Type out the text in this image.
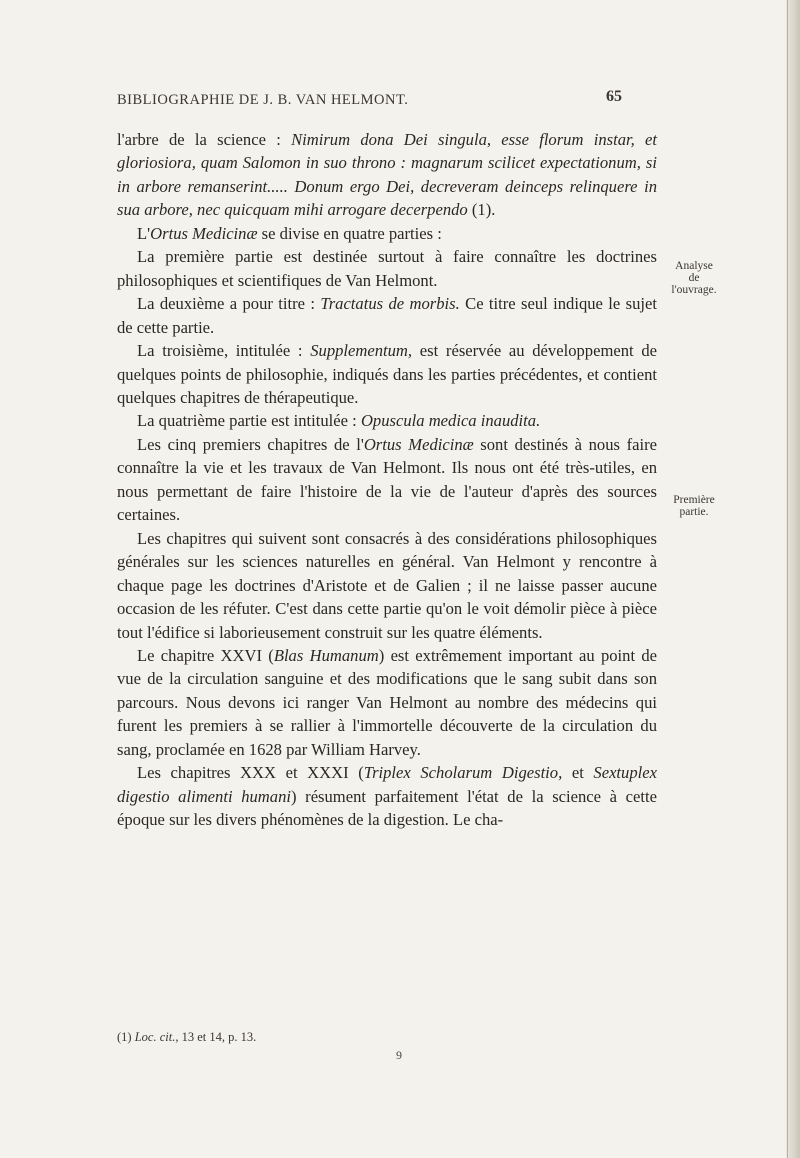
BIBLIOGRAPHIE DE J. B. VAN HELMONT.	65

l'arbre de la science : Nimirum dona Dei singula, esse florum instar, et gloriosiora, quam Salomon in suo throno : magnarum scilicet expectationum, si in arbore remanserint..... Donum ergo Dei, decreveram deinceps relinquere in sua arbore, nec quicquam mihi arrogare decerpendo (1).

L'Ortus Medicinæ se divise en quatre parties :

La première partie est destinée surtout à faire connaître les doctrines philosophiques et scientifiques de Van Helmont.

La deuxième a pour titre : Tractatus de morbis. Ce titre seul indique le sujet de cette partie.

La troisième, intitulée : Supplementum, est réservée au développement de quelques points de philosophie, indiqués dans les parties précédentes, et contient quelques chapitres de thérapeutique.

La quatrième partie est intitulée : Opuscula medica inaudita.

Les cinq premiers chapitres de l'Ortus Medicinæ sont destinés à nous faire connaître la vie et les travaux de Van Helmont. Ils nous ont été très-utiles, en nous permettant de faire l'histoire de la vie de l'auteur d'après des sources certaines.

Les chapitres qui suivent sont consacrés à des considérations philosophiques générales sur les sciences naturelles en général. Van Helmont y rencontre à chaque page les doctrines d'Aristote et de Galien ; il ne laisse passer aucune occasion de les réfuter. C'est dans cette partie qu'on le voit démolir pièce à pièce tout l'édifice si laborieusement construit sur les quatre éléments.

Le chapitre XXVI (Blas Humanum) est extrêmement important au point de vue de la circulation sanguine et des modifications que le sang subit dans son parcours. Nous devons ici ranger Van Helmont au nombre des médecins qui furent les premiers à se rallier à l'immortelle découverte de la circulation du sang, proclamée en 1628 par William Harvey.

Les chapitres XXX et XXXI (Triplex Scholarum Digestio, et Sextuplex digestio alimenti humani) résument parfaitement l'état de la science à cette époque sur les divers phénomènes de la digestion. Le cha-

Analyse
de
l'ouvrage.
Première
partie.
(1) Loc. cit., 13 et 14, p. 13.
9
